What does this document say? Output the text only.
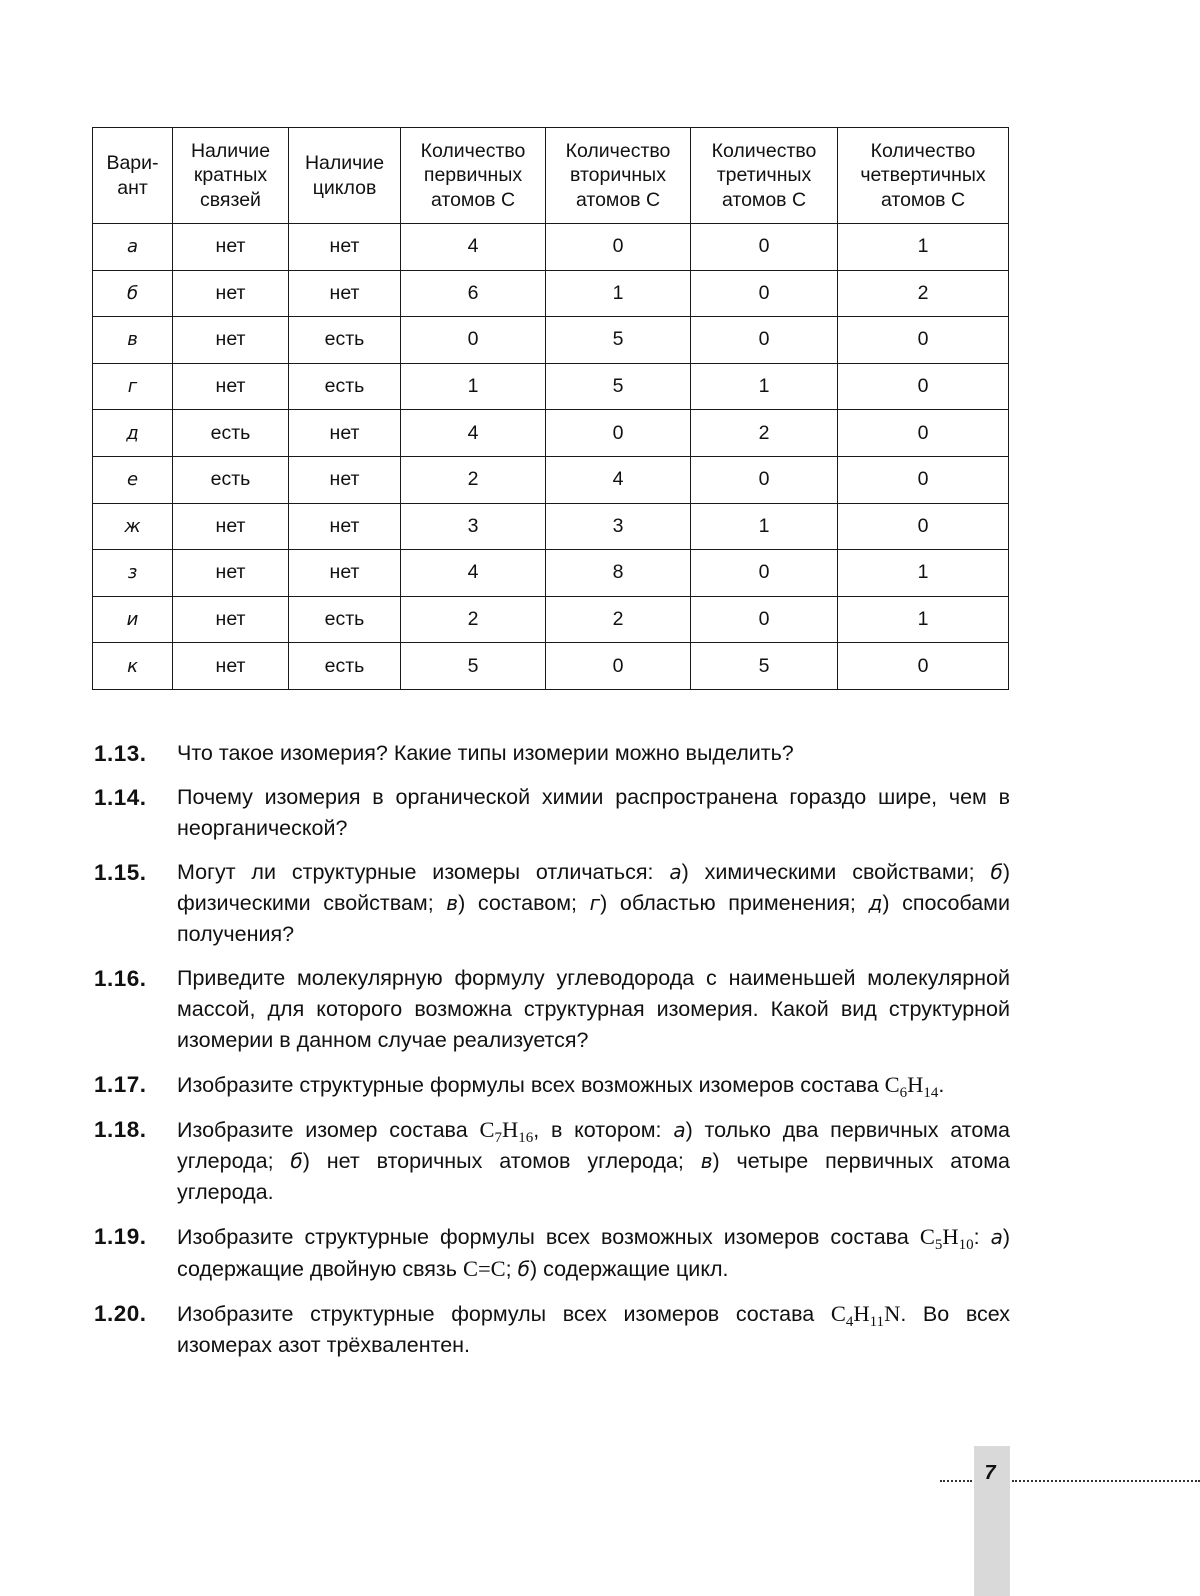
Вари-
ант	Наличие
кратных
связей	Наличие
циклов	Количество
первичных
атомов С	Количество
вторичных
атомов С	Количество
третичных
атомов С	Количество
четвертичных
атомов С
а	нет	нет	4	0	0	1
б	нет	нет	6	1	0	2
в	нет	есть	0	5	0	0
г	нет	есть	1	5	1	0
д	есть	нет	4	0	2	0
е	есть	нет	2	4	0	0
ж	нет	нет	3	3	1	0
з	нет	нет	4	8	0	1
и	нет	есть	2	2	0	1
к	нет	есть	5	0	5	0
1.13.	Что такое изомерия? Какие типы изомерии можно выделить?
1.14.	Почему изомерия в органической химии распространена гораздо шире, чем в неорганической?
1.15.	Могут ли структурные изомеры отличаться: а) химическими свойствами; б) физическими свойствам; в) составом; г) областью применения; д) способами получения?
1.16.	Приведите молекулярную формулу углеводорода с наименьшей молекулярной массой, для которого возможна структурная изомерия. Какой вид структурной изомерии в данном случае реализуется?
1.17.	Изобразите структурные формулы всех возможных изомеров состава $C_6H_{14}$.
1.18.	Изобразите изомер состава $C_7H_{16}$, в котором: а) только два первичных атома углерода; б) нет вторичных атомов углерода; в) четыре первичных атома углерода.
1.19.	Изобразите структурные формулы всех возможных изомеров состава $C_5H_{10}$: а) содержащие двойную связь C=C; б) содержащие цикл.
1.20.	Изобразите структурные формулы всех изомеров состава $C_4H_{11}N$. Во всех изомерах азот трёхвалентен.
7
